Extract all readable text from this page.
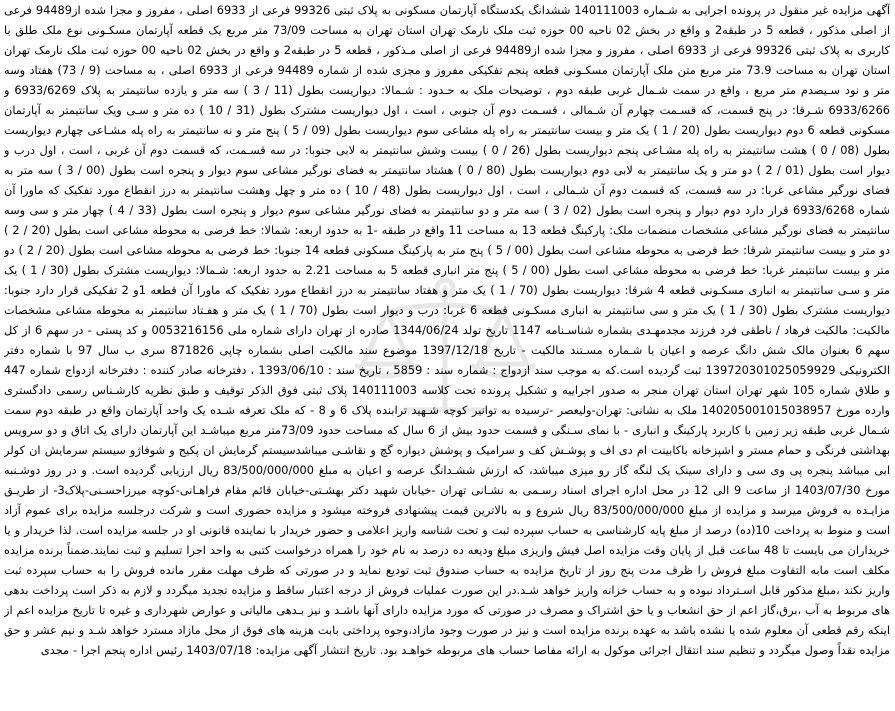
آگهی مزایده غیر منقول در پرونده اجرایی به شـماره 140111003 ششدانگ یکدستگاه آپارتمان مسکونی به پلاک ثبتی 99326 فرعی از 6933 اصلی ، مفروز و مجزا شده از94489 فرعی از اصلی مذکور ، قطعه 5 در طبقه2 و واقع در بخش 02 ناحیه 00 حوزه ثبت ملک نارمک تهران استان تهران به مساحت 73/09 متر مربع یک قطعه آپارتمان مسکـونی نوع ملک طلق با کاربری به پلاک ثبتی 99326 فرعی از 6933 اصلی ، مفروز و مجزا شده از94489 فرعی از اصلی مـذکور ، قطعه 5 در طبقه2 و واقع در بخش 02 ناحیه 00 حوزه ثبت ملک نارمک تهران استان تهران به مساحت 73.9 متر مربع متن ملک آپارتمان مسکـونی قطعه پنجم تفکیکی مفروز و مجزی شده از شماره 94489 فرعی از 6933 اصلی ، به مساحت (9 / 73) هفتاد وسه متر و نود سـیصدم متر مربع ، واقع در سمت شـمال غربی طبقه دوم ، توضیحات ملک به حـدود : شـمالا: دیواریست بطول (11 / 3 ) سه متر و یازده سانتیمتر به پلاک 6933/6269 و 6933/6266 شـرقا: در پنج قسمت، که قسـمت چهارم آن شـمالی ، قسـمت دوم آن جنوبی ، است ، اول دیواریست مشترک بطول (31 / 10 ) ده متر و سـی ویک سانتیمتر به آپارتمان مسکونی قطعه 6 دوم دیواریست بطول (20 / 1 ) یک متر و بیست سانتیمتر به راه پله مشاعی سوم دیواریست بطول (09 / 5 ) پنج متر و نه سانتیمتر به راه پله مشـاعی چهارم دیواریست بطول (08 / 0 ) هشت سانتیمتر به راه پله مشـاعی پنجم دیواریست بطول (26 / 0 ) بیست وشش سانتیمتر به لابی جنوبا: در سه قسـمت، که قسمت دوم آن غربی ، است ، اول درب و دیوار است بطول (01 / 2 ) دو متر و یک سانتیمتر به لابی دوم دیواریست بطول (80 / 0 ) هشتاد سانتیمتر به فضای نورگیر مشاعی سوم دیوار و پنجره است بطول (00 / 3 ) سه متر به فضای نورگیر مشاعی غربا: در سه قسمت، که قسمت دوم آن شـمالی ، است ، اول دیواریست بطول (48 / 10 ) ده متر و چهل وهشت سانتیمتر به درز انقطاع مورد تفکیک که ماورا آن شماره 6933/6268 قرار دارد دوم دیوار و پنجره است بطول (02 / 3 ) سه متر و دو سانتیمتر به فضای نورگیر مشاعی سوم دیوار و پنجره است بطول (33 / 4 ) چهار متر و سی وسه سانتیمتر به فضای نورگیر مشاعی مشخصات منضمات ملک: پارکینگ قطعه 13 به مساحت 11 واقع در طبقه -1 به حدود اربعه: شمالا: خط فرضی به محوطه مشاعی است بطول (20 / 2 ) دو متر و بیست سانتیمتر شرقا: خط فرضی به محوطه مشاعی است بطول (00 / 5 ) پنج متر به پارکینگ مسکونی قطعه 14 جنوبا: خط فرضی به محوطه مشاعی است بطول (20 / 2 ) دو متر و بیست سانتیمتر غربا: خط فرضی به محوطه مشاعی است بطول (00 / 5 ) پنج متر انباری قطعه 5 به مساحت 2.21 به حدود اربعه: شـمالا: دیواریست مشترک بطول (30 / 1 ) یک متر و سـی سانتیمتر به انباری مسکـونی قطعه 4 شرقا: دیواریست بطول (70 / 1 ) یک متر و هفتاد سانتیمتر به درز انقطاع مورد تفکیک که ماورا آن قطعه 1و 2 تفکیکی قرار دارد جنوبا: دیواریست مشترک بطول (30 / 1 ) یک متر و سی سانتیمتر به انباری مسکـونی قطعه 6 غربا: درب و دیوار است بطول (70 / 1 ) یک متر و هفـتاد سانتیمتر به محوطه مشاعی مشخصات مالکیت: مالکیت فرهاد / ناطقی فرد فرزند مجدمهـدی بشماره شناسـنامه 1147 تاریخ تولد 1344/06/24 صادره از تهران دارای شماره ملی 0053216156 و کد پستی - در سهم 6 از کل سهم 6 بعنوان مالک شش دانگ عرصه و اعیان با شـماره مسـتند مالکیت - تاریخ 1397/12/18 موضوع سند مالکیت اصلی بشماره چاپی 871826 سری ب سال 97 با شماره دفتر الکترونیکی 139720301025059929 ثبت گردیده است.که به موجب سند ازدواج : شماره سند : 5859 ، تاریخ سند : 1393/06/10 ، دفترخانه صادر کننده : دفترخانه ازدواج شماره 447 و طلاق شماره 105 شهر تهران استان تهران منجر به صدور اجراییه و تشکیل پرونده تحت کلاسه 140111003 پلاک ثبتی فوق الذکر توقیف و طبق نظریه کارشـناس رسمی دادگستری وارده مورخ 140205001015038957 ملک به نشانی: تهران-ولیعصر -ترسیده به توانیر کوچه شـهید ترابنده پلاک 6 و 8 - که ملک تعرفه شـده یک واحد آپارتمان واقع در طبقه دوم سمت شـمال غربی طبقه زیر زمین با کاربرد پارکینگ و انباری - با نمای سـنگی و قسمت حدود بیش از 6 سال که مساحت حدود 73/09متر مربع میباشـد این آپارتمان دارای یک اتاق و دو سرویس بهداشتی فرنگی و حمام مستر و اشپزخانه باکابینت ام دی اف و پوشـش کف و سرامیک و پوشش دیواره گچ و نقاشـی میباشدسیستم گرمایش ان پکیج و شوفاژو سیستم سرمایش ان کولر ابی میباشد پنجره پی وی سی و دارای سینک یک لنگه گاز رو میزی میباشد، که ارزش ششـدانگ عرصه و اعیان به مبلغ 83/500/000/000 ریال ارزیابی گردیده است. و در روز دوشـنبه مورخ 1403/07/30 از ساعت 9 الی 12 در محل اداره اجرای اسناد رسـمی به نشـانی تهران -خیابان شهید دکتر بهشـتی-خیابان قائم مقام فراهـانی-کوچه میرزاحسـنی-پلاک3- از طریـق مزایـده به فروش میرسد و مزایده از مبلغ 83/500/000/000 ریال شروع و به بالاترین قیمت پیشنهادی فروخته میشود و مزایده حضوری است و شرکت درجلسه مزایده برای عموم آزاد است و منوط به پرداخت 10(ده) درصد از مبلغ پایه کارشناسی به حساب سپرده ثبت و تحت شناسه واریز اعلامی و حضور خریدار با نماینده قانونی او در جلسه مزایده است. لذا خریدار و یا خریداران می بایست تا 48 ساعت قبل از پایان وقت مزایده اصل فیش واریزی مبلغ ودیعه ده درصد به نام خود را همراه درخواست کتبی به واحد اجرا تسلیم و ثبت نمایند.ضمناً برنده مزایده مکلف است مابه التفاوت مبلغ فروش را ظرف مدت پنج روز از تاریخ مزایده به حساب صندوق ثبت تودیع نماید و در صورتی که ظرف مهلت مقرر مانده فروش را به حساب سپرده ثبت واریز نکند ،مبلغ مذکور قابل اسـترداد نبوده و به حساب خزانه واریز خواهد شـد.در این صورت عملیات فروش از درجه اعتبار ساقط و مزایده تجدید میگردد و لازم به ذکر است پرداخت بدهی های مربوط به آب ،برق،گاز اعم از حق انشعاب و یا حق اشتراک و مصرف در صورتی که مورد مزایده دارای آنها باشـد و نیز بـدهی مالیاتی و عوارض شهرداری و غیره تا تاریخ مزایده اعم از اینکه رقم قطعی آن معلوم شده یا نشده باشد به عهده برنده مزایده است و نیز در صورت وجود مازاد،وجوه پرداختی بابت هزینه های فوق از محل مازاد مسترد خواهد شـد و نیم عشر و حق مزایده نقداً وصول میگردد و تنظیم سند انتقال اجرائی موکول به ارائه مفاصا حساب های مربوطه خواهـد بود. تاریخ انتشار آگهی مزایده: 1403/07/18 رئیس اداره پنجم اجرا - مجدی
